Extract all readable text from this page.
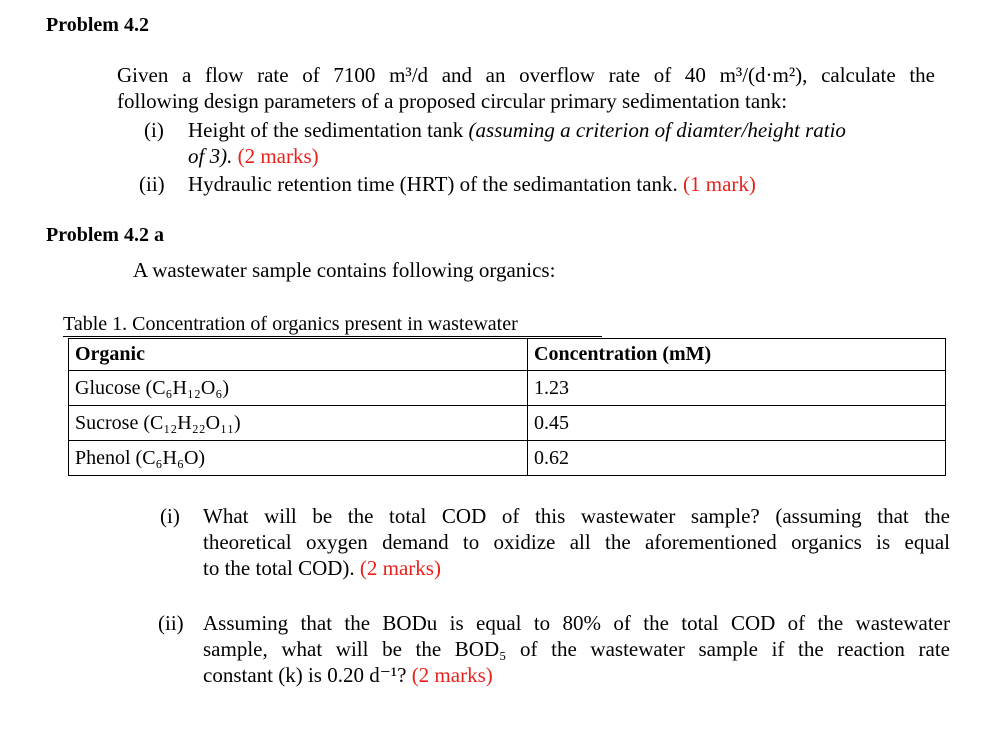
Problem 4.2
Given a flow rate of 7100 m³/d and an overflow rate of 40 m³/(d·m²), calculate the
following design parameters of a proposed circular primary sedimentation tank:
(i) Height of the sedimentation tank (assuming a criterion of diamter/height ratio
of 3). (2 marks)
(ii) Hydraulic retention time (HRT) of the sedimantation tank. (1 mark)
Problem 4.2 a
A wastewater sample contains following organics:
Table 1. Concentration of organics present in wastewater
Organic	Concentration (mM)
Glucose (C₆H₁₂O₆)	1.23
Sucrose (C₁₂H₂₂O₁₁)	0.45
Phenol (C₆H₆O)	0.62
(i) What will be the total COD of this wastewater sample? (assuming that the
theoretical oxygen demand to oxidize all the aforementioned organics is equal
to the total COD). (2 marks)
(ii) Assuming that the BODu is equal to 80% of the total COD of the wastewater
sample, what will be the BOD₅ of the wastewater sample if the reaction rate
constant (k) is 0.20 d⁻¹? (2 marks)
